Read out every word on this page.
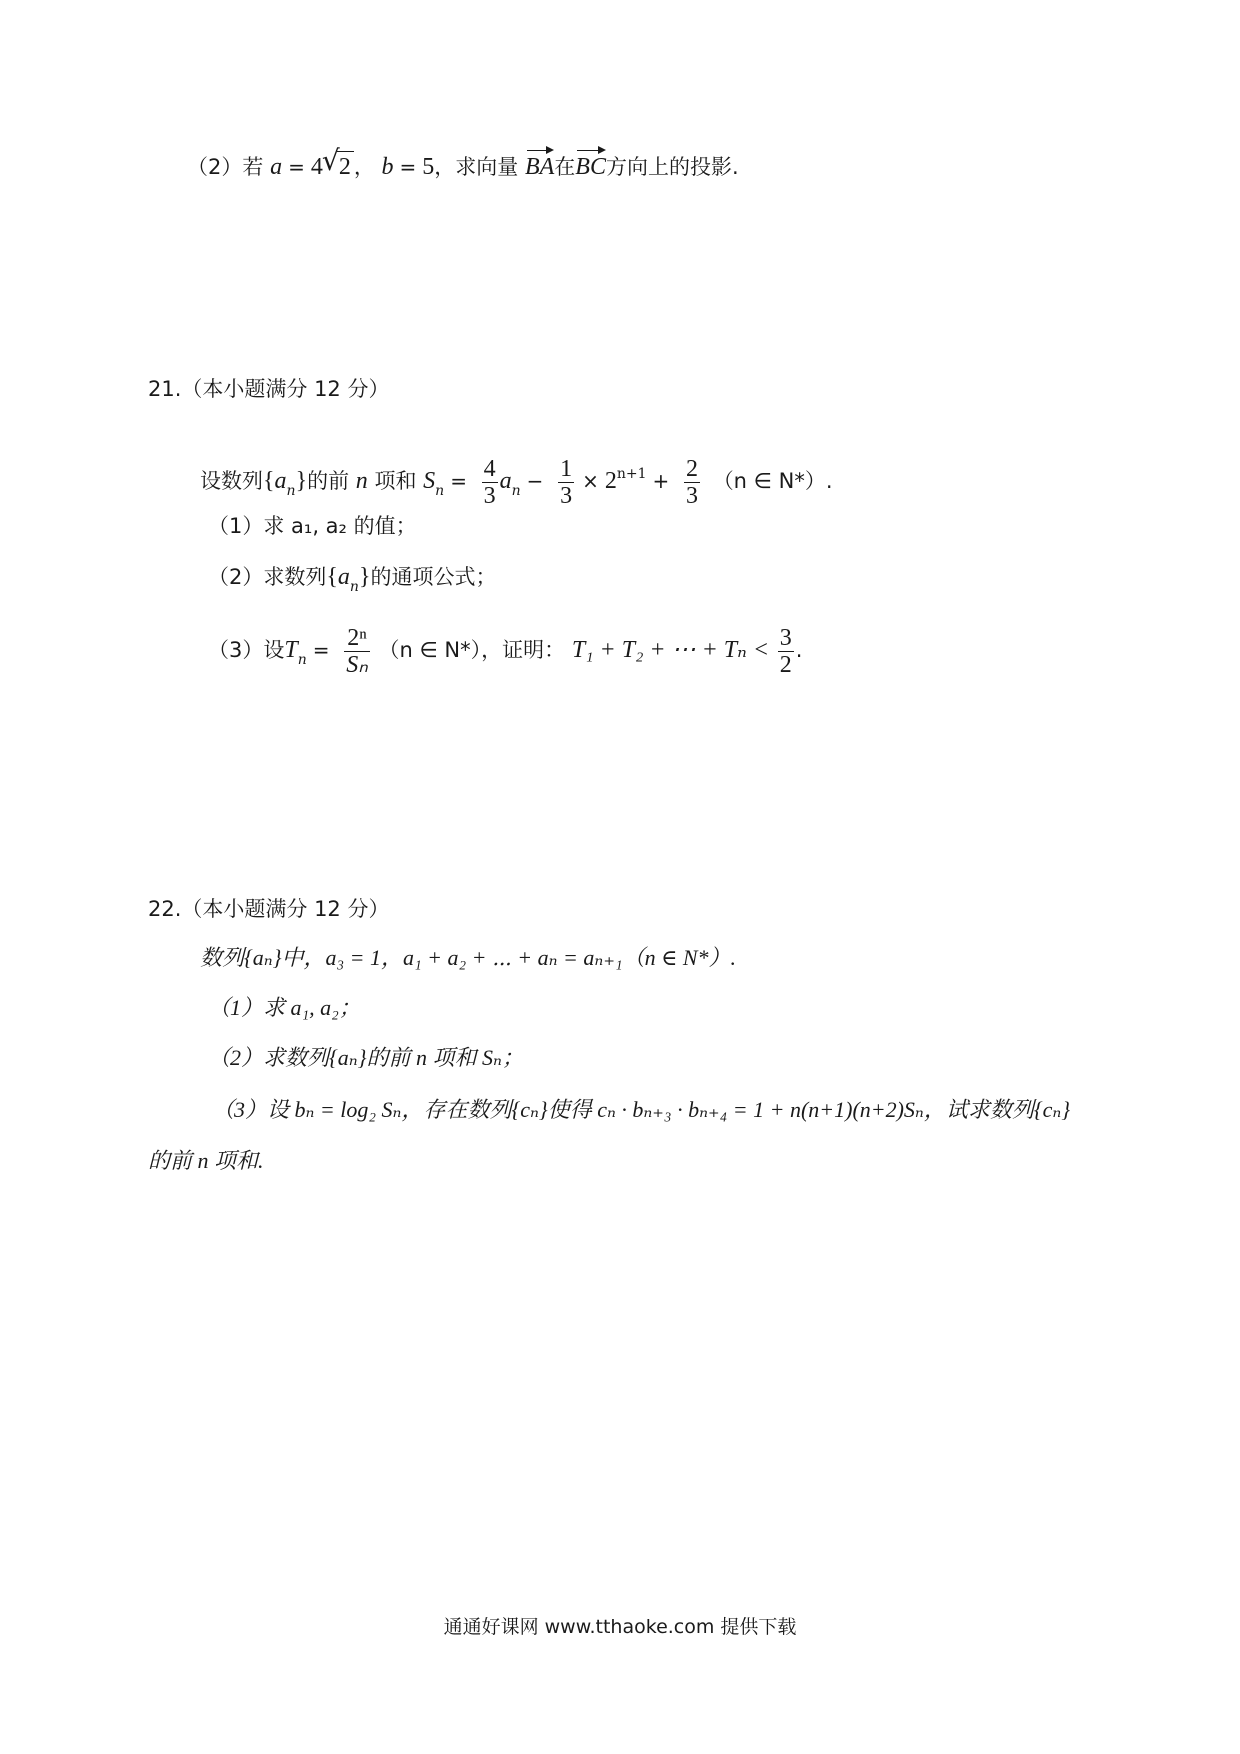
（2）若 a = 4√ 2 ， b = 5，求向量 BA在BC方向上的投影.
21.（本小题满分 12 分）
设数列$\{a_n\}$的前 n 项和 $S_n = \frac{4}{3} a_n - \frac{1}{3} \times 2^{n+1} + \frac{2}{3} (n$ ∈ N*）.
（1）求 a₁, a₂ 的值；
（2）求数列$\{a_n\}$的通项公式；
（3）设$T_n = \frac{\text{2ⁿ}}{\text{Sₙ}} (n$ ∈ N*），证明： T₁ + T₂ + ⋯ + $T_n < \frac{3}{2}$ .
22.（本小题满分 12 分）
数列{aₙ}中，a₃ = 1，a₁ + a₂ + ⋯ + aₙ = aₙ₊₁（n ∈ N*）.
（1）求 a₁, a₂；
（2）求数列{aₙ}的前 n 项和 Sₙ；
（3）设 bₙ = log₂ Sₙ，存在数列{cₙ}使得 cₙ · bₙ₊₃ · bₙ₊₄ = 1 + n(n+1)(n+2)Sₙ，试求数列{cₙ}
的前 n 项和.
通通好课网 www.tthaoke.com 提供下载
